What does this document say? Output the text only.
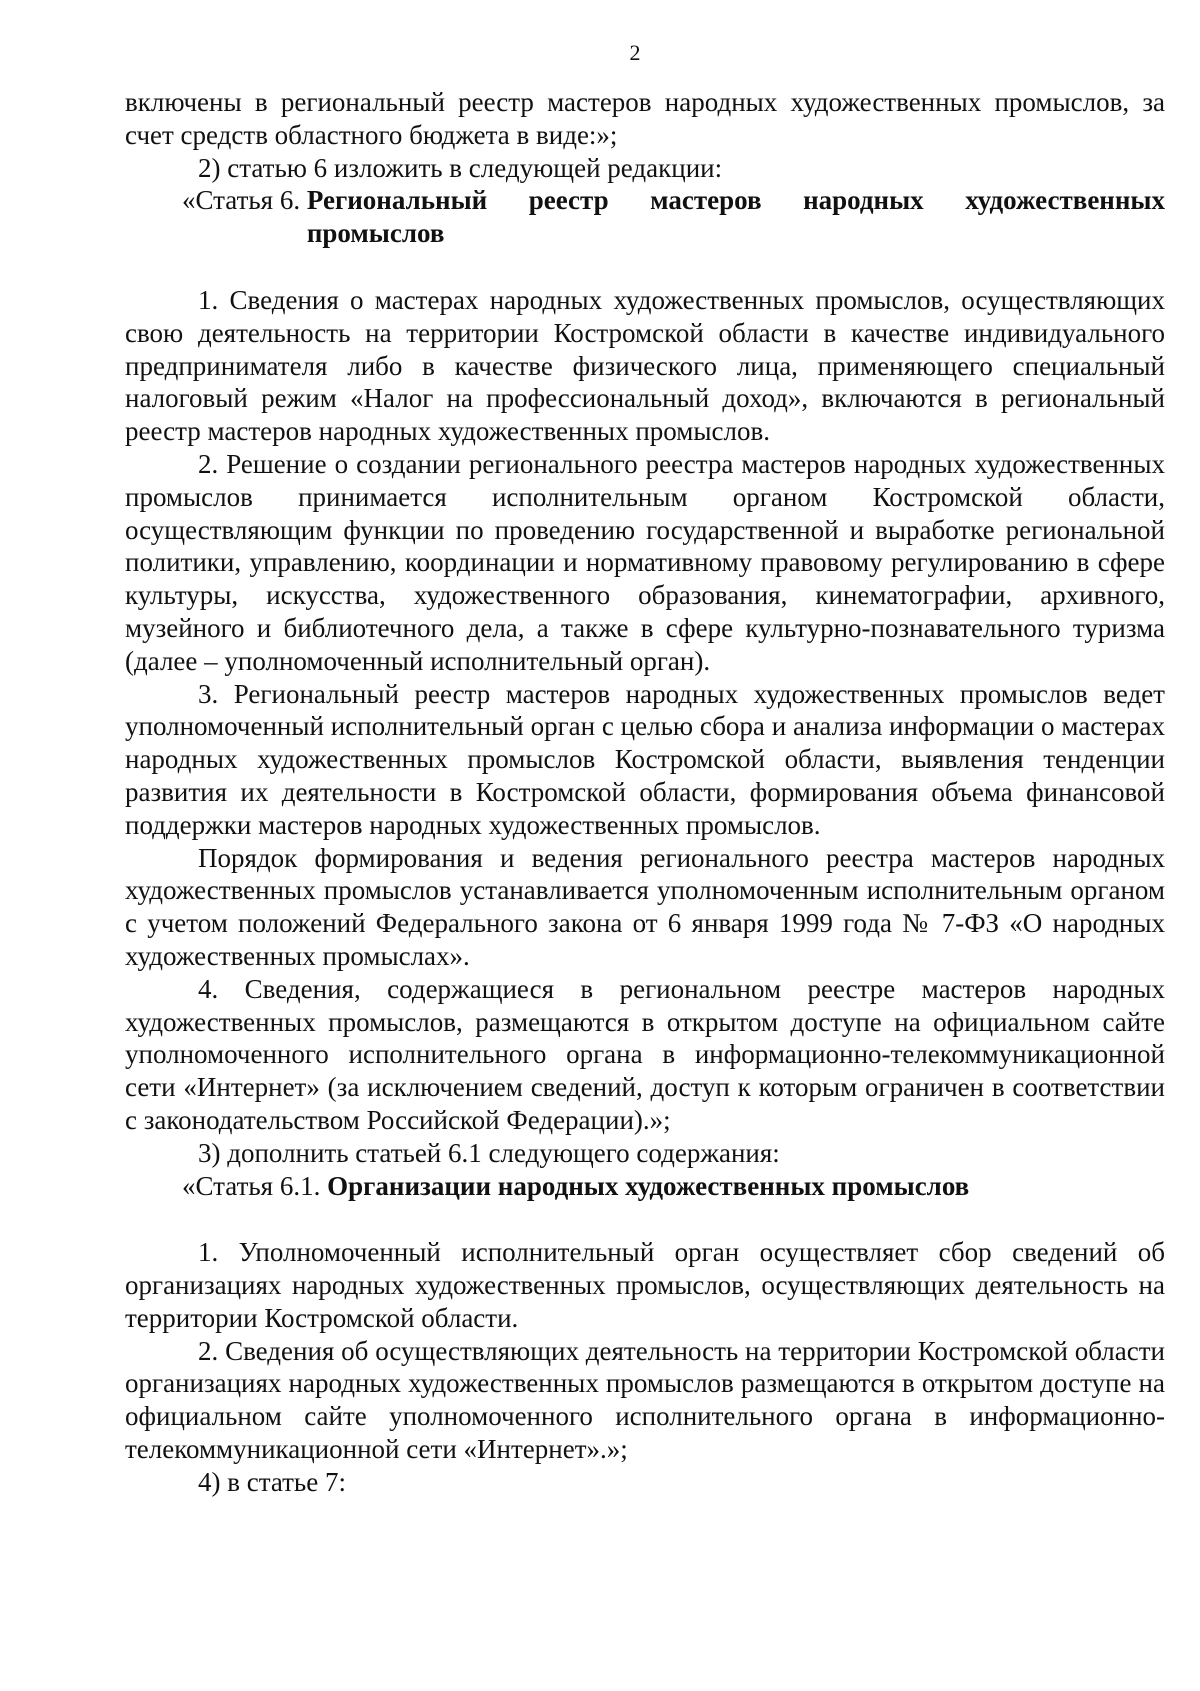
2

включены в региональный реестр мастеров народных художественных промыслов, за счет средств областного бюджета в виде:»;

2) статью 6 изложить в следующей редакции:

«Статья 6. Региональный реестр мастеров народных художественных промыслов

1. Сведения о мастерах народных художественных промыслов, осуществляющих свою деятельность на территории Костромской области в качестве индивидуального предпринимателя либо в качестве физического лица, применяющего специальный налоговый режим «Налог на профессиональный доход», включаются в региональный реестр мастеров народных художественных промыслов.

2. Решение о создании регионального реестра мастеров народных художественных промыслов принимается исполнительным органом Костромской области, осуществляющим функции по проведению государственной и выработке региональной политики, управлению, координации и нормативному правовому регулированию в сфере культуры, искусства, художественного образования, кинематографии, архивного, музейного и библиотечного дела, а также в сфере культурно-познавательного туризма (далее – уполномоченный исполнительный орган).

3. Региональный реестр мастеров народных художественных промыслов ведет уполномоченный исполнительный орган с целью сбора и анализа информации о мастерах народных художественных промыслов Костромской области, выявления тенденции развития их деятельности в Костромской области, формирования объема финансовой поддержки мастеров народных художественных промыслов.

Порядок формирования и ведения регионального реестра мастеров народных художественных промыслов устанавливается уполномоченным исполнительным органом с учетом положений Федерального закона от 6 января 1999 года № 7-ФЗ «О народных художественных промыслах».

4. Сведения, содержащиеся в региональном реестре мастеров народных художественных промыслов, размещаются в открытом доступе на официальном сайте уполномоченного исполнительного органа в информационно-телекоммуникационной сети «Интернет» (за исключением сведений, доступ к которым ограничен в соответствии с законодательством Российской Федерации).»;

3) дополнить статьей 6.1 следующего содержания:

«Статья 6.1. Организации народных художественных промыслов

1. Уполномоченный исполнительный орган осуществляет сбор сведений об организациях народных художественных промыслов, осуществляющих деятельность на территории Костромской области.

2. Сведения об осуществляющих деятельность на территории Костромской области организациях народных художественных промыслов размещаются в открытом доступе на официальном сайте уполномоченного исполнительного органа в информационно-телекоммуникационной сети «Интернет».»;

4) в статье 7:
